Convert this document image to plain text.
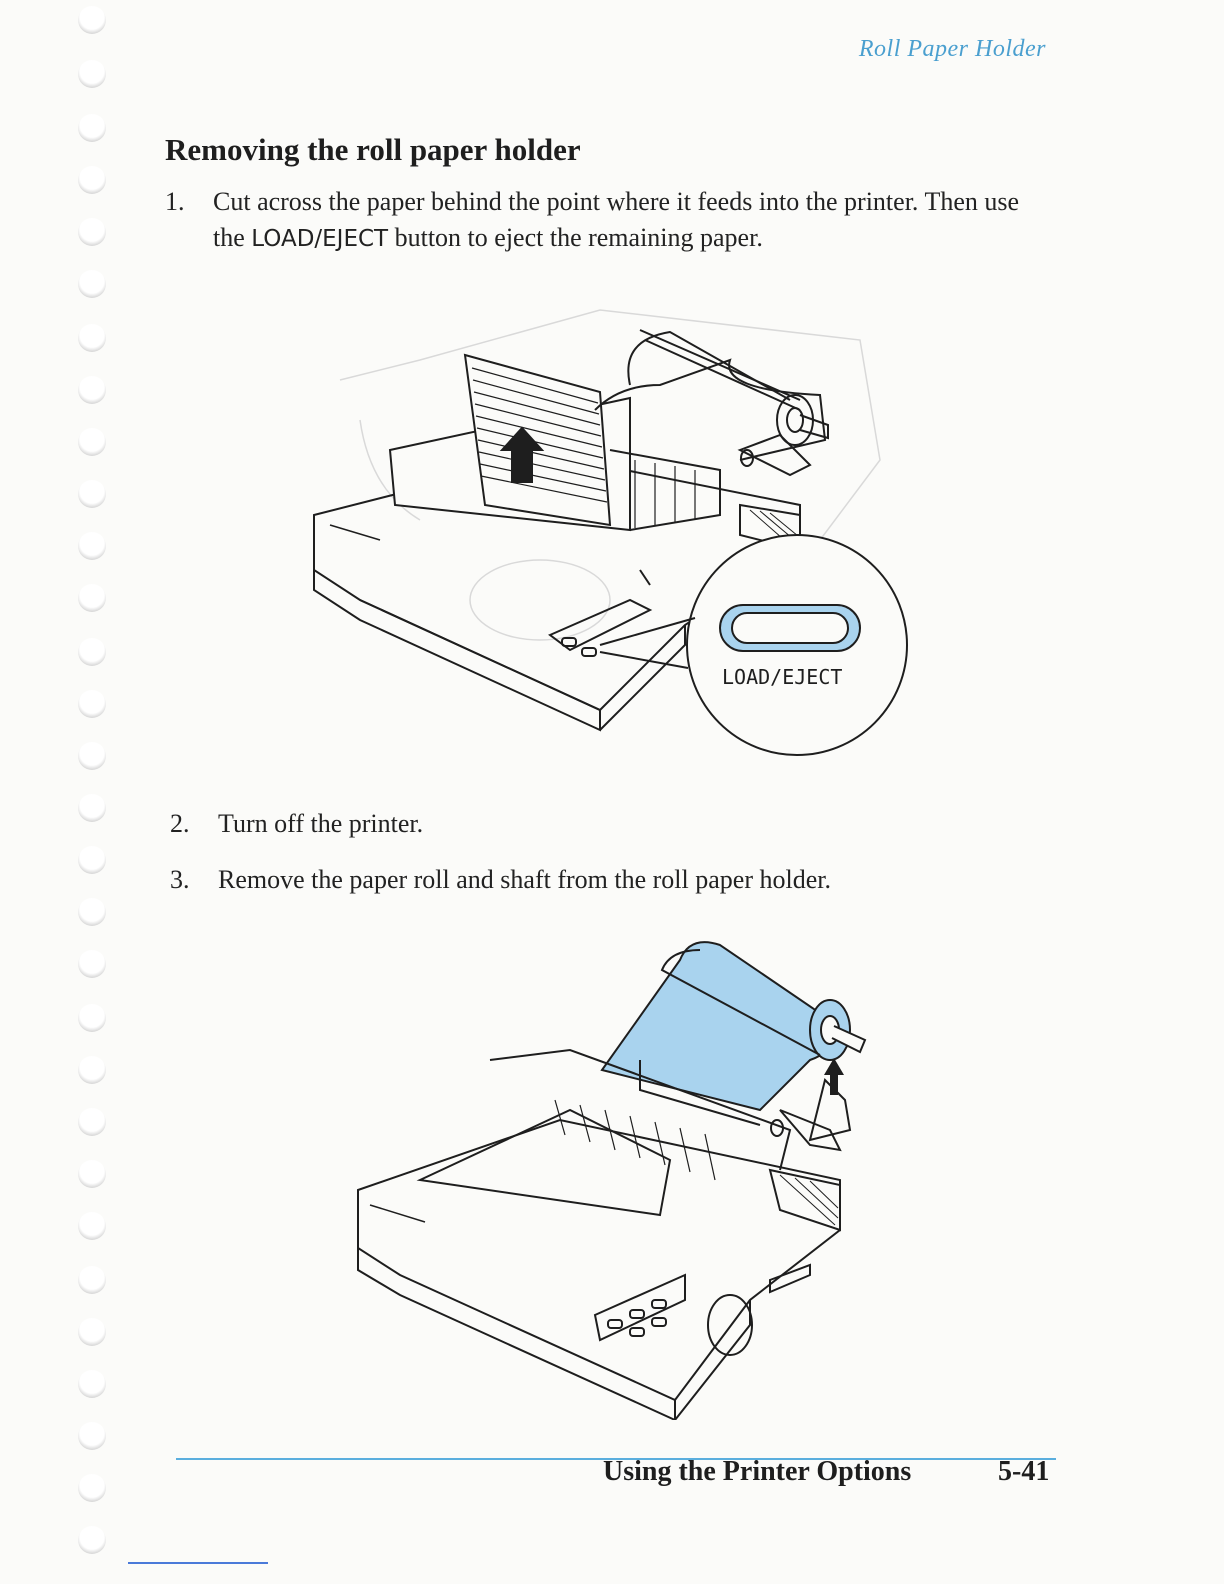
Roll Paper Holder
Removing the roll paper holder
1.	Cut across the paper behind the point where it feeds into the printer. Then use the LOAD/EJECT button to eject the remaining paper.
LOAD/EJECT
2.	Turn off the printer.
3.	Remove the paper roll and shaft from the roll paper holder.
Using the Printer Options	5-41
